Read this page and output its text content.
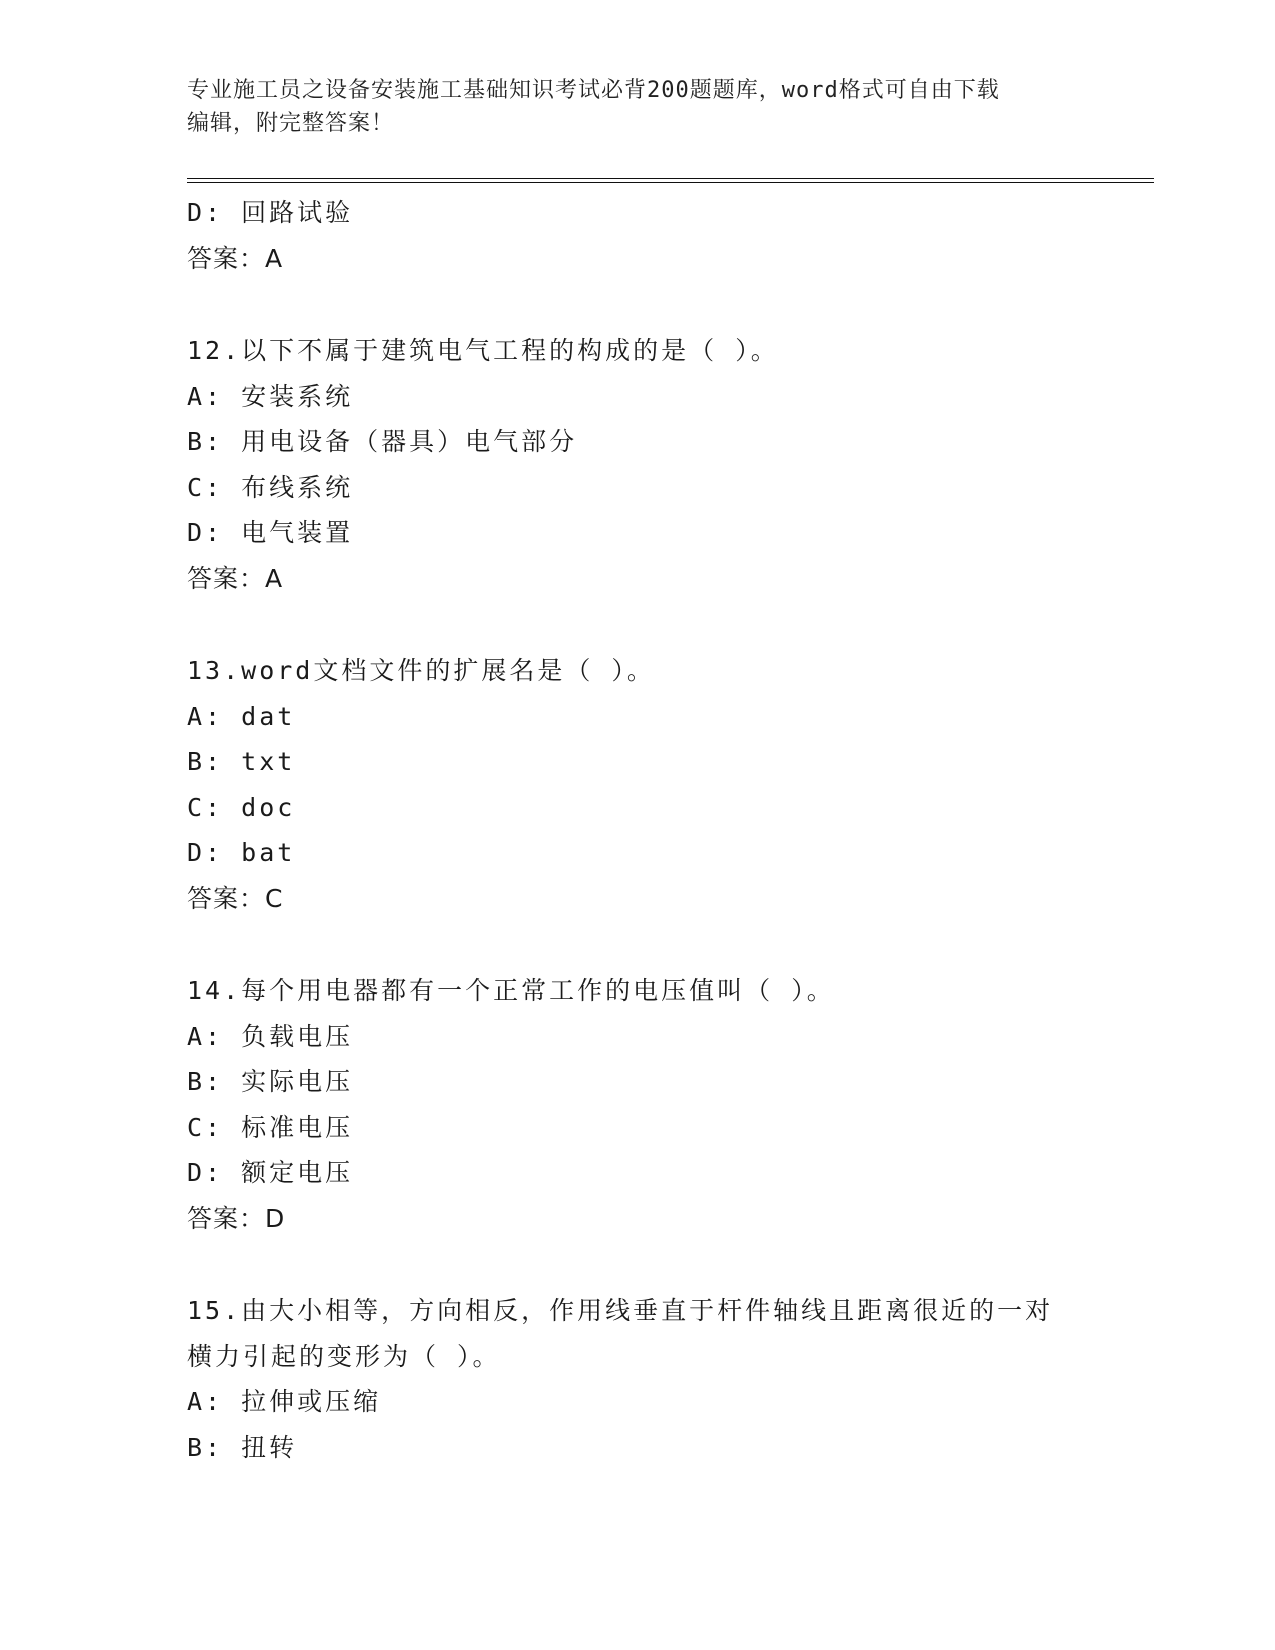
专业施工员之设备安装施工基础知识考试必背200题题库，word格式可自由下载
编辑，附完整答案！
D: 回路试验
答案：A
12.以下不属于建筑电气工程的构成的是（ ）。
A: 安装系统
B: 用电设备（器具）电气部分
C: 布线系统
D: 电气装置
答案：A
13.word文档文件的扩展名是（ ）。
A: dat
B: txt
C: doc
D: bat
答案：C
14.每个用电器都有一个正常工作的电压值叫（ ）。
A: 负载电压
B: 实际电压
C: 标准电压
D: 额定电压
答案：D
15.由大小相等，方向相反，作用线垂直于杆件轴线且距离很近的一对
横力引起的变形为（ ）。
A: 拉伸或压缩
B: 扭转
